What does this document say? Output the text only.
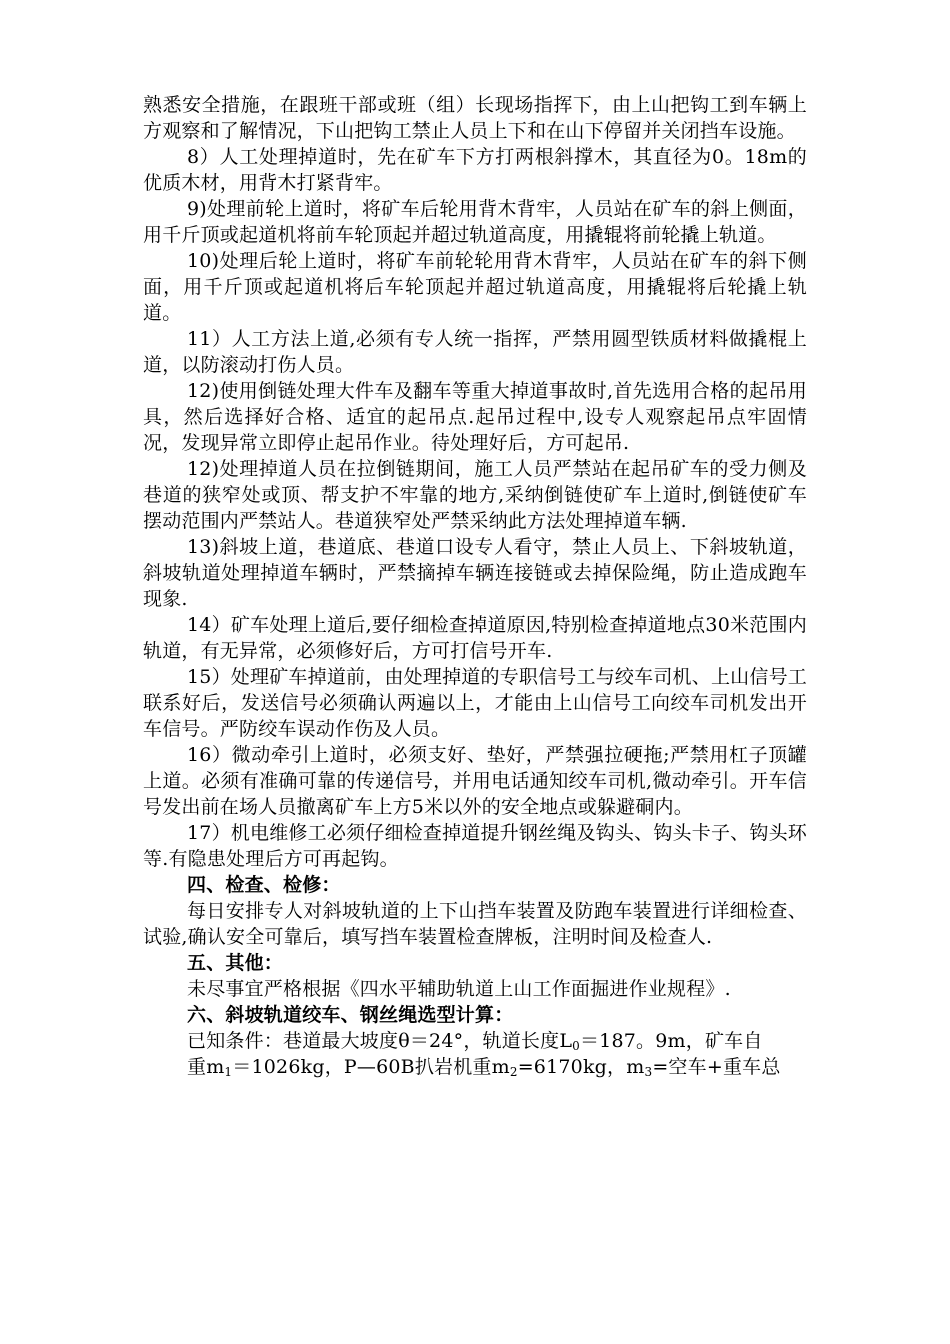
熟悉安全措施，在跟班干部或班（组）长现场指挥下，由上山把钩工到车辆上方观察和了解情况，下山把钩工禁止人员上下和在山下停留并关闭挡车设施。

8）人工处理掉道时，先在矿车下方打两根斜撑木，其直径为0。18m的优质木材，用背木打紧背牢。

9)处理前轮上道时，将矿车后轮用背木背牢，人员站在矿车的斜上侧面，用千斤顶或起道机将前车轮顶起并超过轨道高度，用撬辊将前轮撬上轨道。

10)处理后轮上道时，将矿车前轮轮用背木背牢，人员站在矿车的斜下侧面，用千斤顶或起道机将后车轮顶起并超过轨道高度，用撬辊将后轮撬上轨道。

11）人工方法上道,必须有专人统一指挥，严禁用圆型铁质材料做撬棍上道，以防滚动打伤人员。

12)使用倒链处理大件车及翻车等重大掉道事故时,首先选用合格的起吊用具，然后选择好合格、适宜的起吊点.起吊过程中,设专人观察起吊点牢固情况，发现异常立即停止起吊作业。待处理好后，方可起吊.

12)处理掉道人员在拉倒链期间，施工人员严禁站在起吊矿车的受力侧及巷道的狭窄处或顶、帮支护不牢靠的地方,采纳倒链使矿车上道时,倒链使矿车摆动范围内严禁站人。巷道狭窄处严禁采纳此方法处理掉道车辆.

13)斜坡上道，巷道底、巷道口设专人看守，禁止人员上、下斜坡轨道，斜坡轨道处理掉道车辆时，严禁摘掉车辆连接链或去掉保险绳，防止造成跑车现象.

14）矿车处理上道后,要仔细检查掉道原因,特别检查掉道地点30米范围内轨道，有无异常，必须修好后，方可打信号开车.

15）处理矿车掉道前，由处理掉道的专职信号工与绞车司机、上山信号工联系好后，发送信号必须确认两遍以上，才能由上山信号工向绞车司机发出开车信号。严防绞车误动作伤及人员。

16）微动牵引上道时，必须支好、垫好，严禁强拉硬拖;严禁用杠子顶罐上道。必须有准确可靠的传递信号，并用电话通知绞车司机,微动牵引。开车信号发出前在场人员撤离矿车上方5米以外的安全地点或躲避硐内。

17）机电维修工必须仔细检查掉道提升钢丝绳及钩头、钩头卡子、钩头环等.有隐患处理后方可再起钩。

四、检查、检修：

每日安排专人对斜坡轨道的上下山挡车装置及防跑车装置进行详细检查、试验,确认安全可靠后，填写挡车装置检查牌板，注明时间及检查人.

五、其他：

未尽事宜严格根据《四水平辅助轨道上山工作面掘进作业规程》.

六、斜坡轨道绞车、钢丝绳选型计算：

已知条件：巷道最大坡度θ＝24°，轨道长度$L_0=187$。9m，矿车自

重$m_1=1026kg$，P—60B扒岩机重$m_2=6170kg$，$m_3=$空车+重车总
